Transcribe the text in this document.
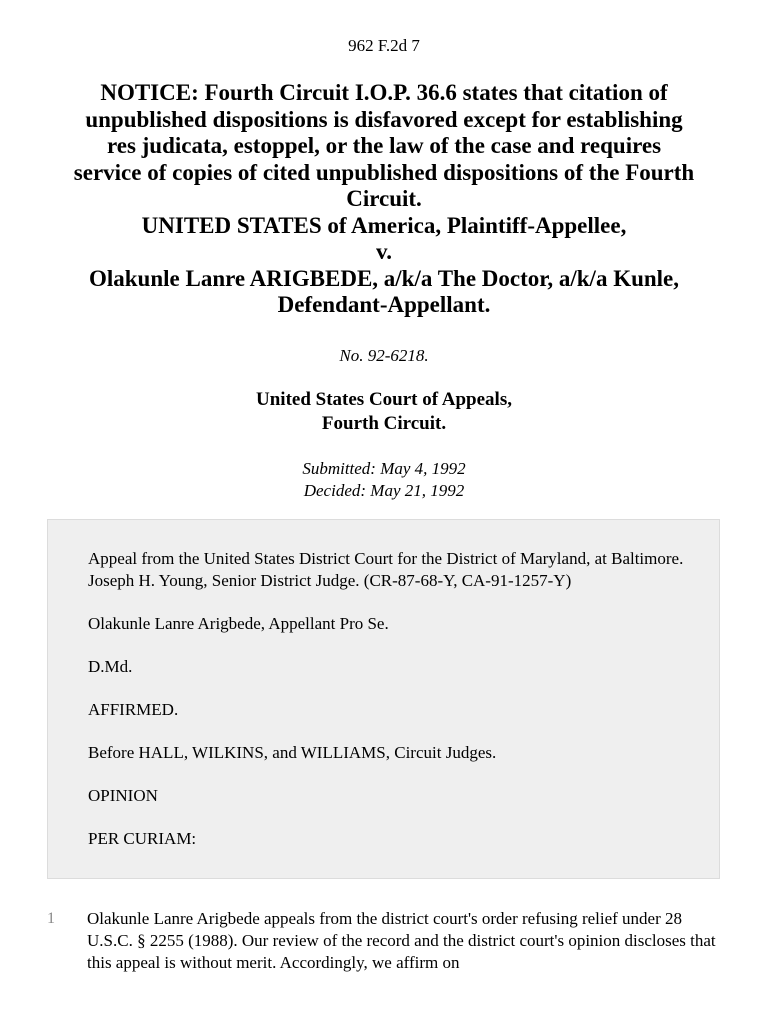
962 F.2d 7
NOTICE: Fourth Circuit I.O.P. 36.6 states that citation of
unpublished dispositions is disfavored except for establishing
res judicata, estoppel, or the law of the case and requires
service of copies of cited unpublished dispositions of the Fourth
Circuit.
UNITED STATES of America, Plaintiff-Appellee,
v.
Olakunle Lanre ARIGBEDE, a/k/a The Doctor, a/k/a Kunle,
Defendant-Appellant.
No. 92-6218.
United States Court of Appeals,
Fourth Circuit.
Submitted: May 4, 1992
Decided: May 21, 1992

Appeal from the United States District Court for the District of Maryland, at Baltimore. Joseph H. Young, Senior District Judge. (CR-87-68-Y, CA-91-1257-Y)

Olakunle Lanre Arigbede, Appellant Pro Se.

D.Md.

AFFIRMED.

Before HALL, WILKINS, and WILLIAMS, Circuit Judges.

OPINION

PER CURIAM:

1 Olakunle Lanre Arigbede appeals from the district court's order refusing relief under 28 U.S.C. § 2255 (1988). Our review of the record and the district court's opinion discloses that this appeal is without merit. Accordingly, we affirm on
